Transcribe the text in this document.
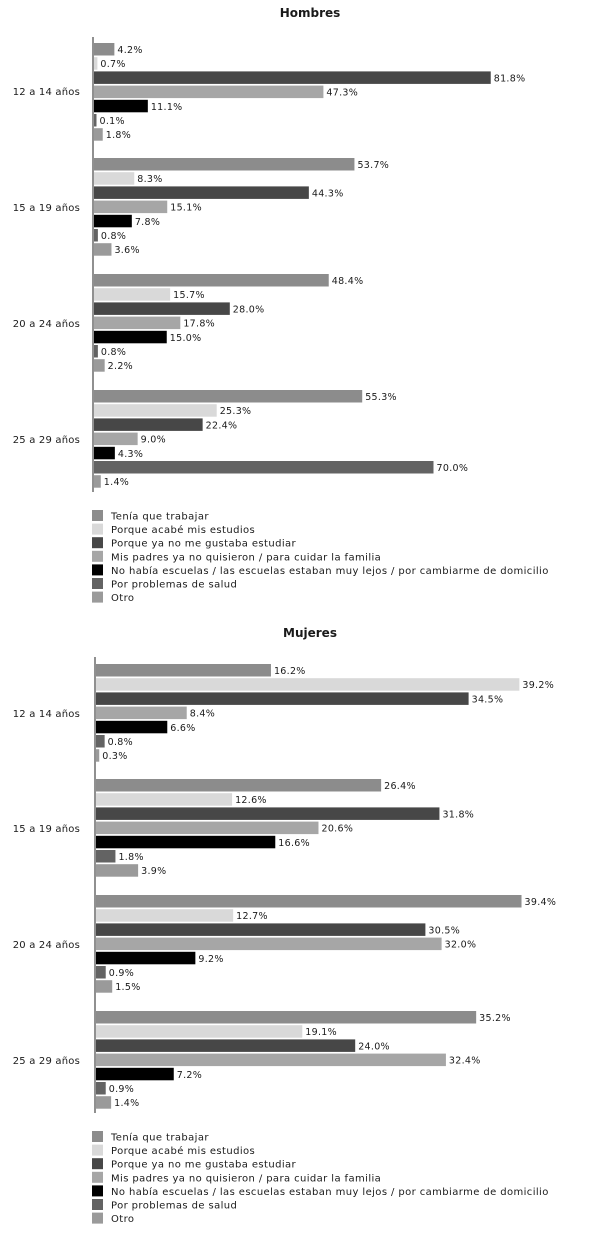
Hombres
12 a 14 años
15 a 19 años
20 a 24 años
25 a 29 años
4.2%
0.7%
81.8%
47.3%
11.1%
0.1%
1.8%
53.7%
8.3%
44.3%
15.1%
7.8%
0.8%
3.6%
48.4%
15.7%
28.0%
17.8%
15.0%
0.8%
2.2%
55.3%
25.3%
22.4%
9.0%
4.3%
70.0%
1.4%
Tenía que trabajar
Porque acabé mis estudios
Porque ya no me gustaba estudiar
Mis padres ya no quisieron / para cuidar la familia
No había escuelas / las escuelas estaban muy lejos / por cambiarme de domicilio
Por problemas de salud
Otro
Mujeres
12 a 14 años
15 a 19 años
20 a 24 años
25 a 29 años
16.2%
39.2%
34.5%
8.4%
6.6%
0.8%
0.3%
26.4%
12.6%
31.8%
20.6%
16.6%
1.8%
3.9%
39.4%
12.7%
30.5%
32.0%
9.2%
0.9%
1.5%
35.2%
19.1%
24.0%
32.4%
7.2%
0.9%
1.4%
Tenía que trabajar
Porque acabé mis estudios
Porque ya no me gustaba estudiar
Mis padres ya no quisieron / para cuidar la familia
No había escuelas / las escuelas estaban muy lejos / por cambiarme de domicilio
Por problemas de salud
Otro
